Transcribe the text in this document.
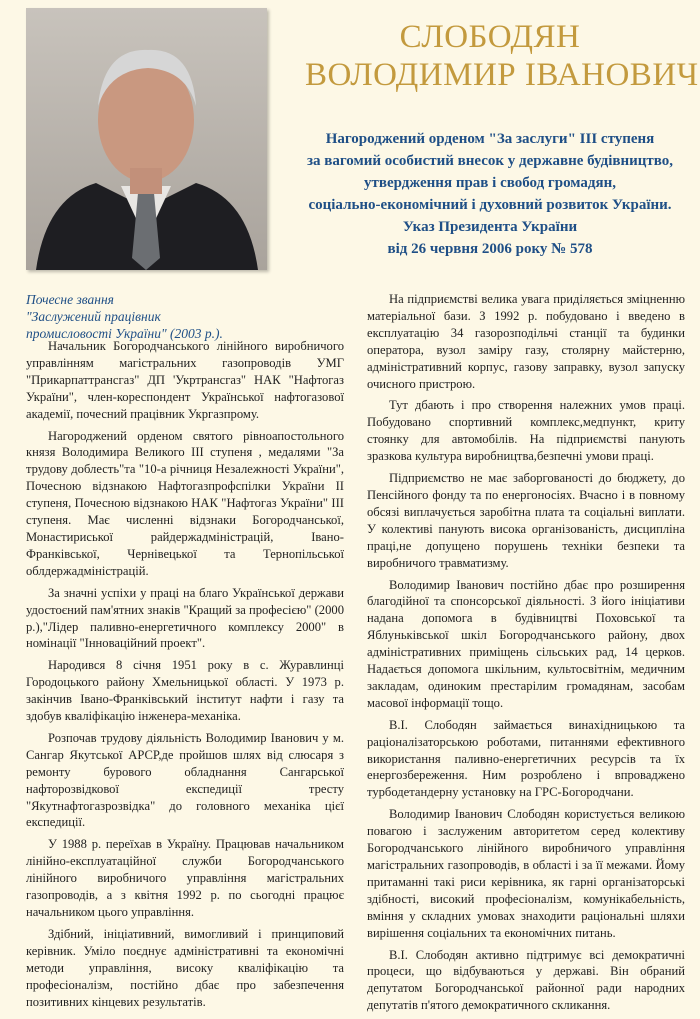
СЛОБОДЯН
ВОЛОДИМИР ІВАНОВИЧ
Нагороджений орденом "За заслуги" ІІІ ступеня
за вагомий особистий внесок у державне будівництво,
утвердження прав і свобод громадян,
соціально-економічний і духовний розвиток України.
Указ Президента України
від 26 червня 2006 року № 578
Почесне звання
"Заслужений працівник
промисловості України" (2003 р.).

Начальник Богородчанського лінійного виробничого управлінням магістральних газопроводів УМГ "Прикарпаттрансгаз" ДП 'Укртрансгаз" НАК "Нафтогаз України", член-кореспондент Української нафтогазової академії, почесний працівник Укргазпрому.

Нагороджений орденом святого рівноапостольного князя Володимира Великого ІІІ ступеня , медалями "За трудову доблесть"та "10-а річниця Незалежності України", Почесною відзнакою Нафтогазпрофспілки України ІІ ступеня, Почесною відзнакою НАК "Нафтогаз України" ІІІ ступеня. Має численні відзнаки Богородчанської, Монастириської райдержадміністрацій, Івано-Франківської, Чернівецької та Тернопільської облдержадміністрацій.

За значні успіхи у праці на благо Української держави удостоєний пам'ятних знаків "Кращий за професією" (2000 р.),"Лідер паливно-енергетичного комплексу 2000" в номінації "Інноваційний проект".

Народився 8 січня 1951 року в с. Журавлинці Городоцького району Хмельницької області. У 1973 р. закінчив Івано-Франківський інститут нафти і газу та здобув кваліфікацію інженера-механіка.

Розпочав трудову діяльність Володимир Іванович у м. Сангар Якутської АРСР,де пройшов шлях від слюсаря з ремонту бурового обладнання Сангарської нафторозвідкової експедиції тресту "Якутнафтогазрозвідка" до головного механіка цієї експедиції.

У 1988 р. переїхав в Україну. Працював начальником лінійно-експлуатаційної служби Богородчанського лінійного виробничого управління магістральних газопроводів, а з квітня 1992 р. по сьогодні працює начальником цього управління.

Здібний, ініціативний, вимогливий і принциповий керівник. Уміло поєднує адміністративні та економічні методи управління, високу кваліфікацію та професіоналізм, постійно дбає про забезпечення позитивних кінцевих результатів.

На підприємстві велика увага приділяється зміцненню матеріальної бази. З 1992 р. побудовано і введено в експлуатацію 34 газорозподільчі станції та будинки оператора, вузол заміру газу, столярну майстерню, адміністративний корпус, газову заправку, вузол запуску очисного пристрою.

Тут дбають і про створення належних умов праці. Побудовано спортивний комплекс,медпункт, криту стоянку для автомобілів. На підприємстві панують зразкова культура виробництва,безпечні умови праці.

Підприємство не має заборгованості до бюджету, до Пенсійного фонду та по енергоносіях. Вчасно і в повному обсязі виплачується заробітна плата та соціальні виплати. У колективі панують висока організованість, дисципліна праці,не допущено порушень техніки безпеки та виробничого травматизму.

Володимир Іванович постійно дбає про розширення благодійної та спонсорської діяльності. З його ініціативи надана допомога в будівництві Поховської та Яблуньківської шкіл Богородчанського району, двох адміністративних приміщень сільських рад, 14 церков. Надається допомога шкільним, культосвітнім, медичним закладам, одиноким престарілим громадянам, засобам масової інформації тощо.

В.І. Слободян займається винахідницькою та раціоналізаторською роботами, питаннями ефективного використання паливно-енергетичних ресурсів та їх енергозбереження. Ним розроблено і впроваджено турбодетандерну установку на ГРС-Богородчани.

Володимир Іванович Слободян користується великою повагою і заслуженим авторитетом серед колективу Богородчанського лінійного виробничого управління магістральних газопроводів, в області і за її межами. Йому притаманні такі риси керівника, як гарні організаторські здібності, високий професіоналізм, комунікабельність, вміння у складних умовах знаходити раціональні шляхи вирішення соціальних та економічних питань.

В.І. Слободян активно підтримує всі демократичні процеси, що відбуваються у державі. Він обраний депутатом Богородчанської районної ради народних депутатів п'ятого демократичного скликання.
